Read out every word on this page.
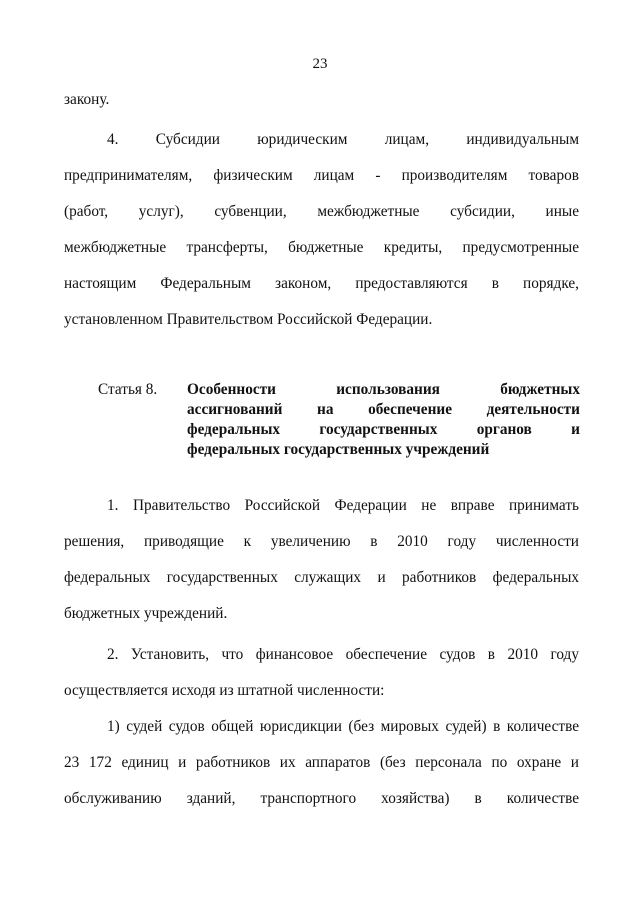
23
закону.
4. Субсидии юридическим лицам, индивидуальным
предпринимателям, физическим лицам - производителям товаров
(работ, услуг), субвенции, межбюджетные субсидии, иные
межбюджетные трансферты, бюджетные кредиты, предусмотренные
настоящим Федеральным законом, предоставляются в порядке,
установленном Правительством Российской Федерации.
Статья 8.	Особенности использования бюджетных
ассигнований на обеспечение деятельности
федеральных государственных органов и
федеральных государственных учреждений
1. Правительство Российской Федерации не вправе принимать
решения, приводящие к увеличению в 2010 году численности
федеральных государственных служащих и работников федеральных
бюджетных учреждений.
2. Установить, что финансовое обеспечение судов в 2010 году
осуществляется исходя из штатной численности:
1) судей судов общей юрисдикции (без мировых судей) в количестве
23 172 единиц и работников их аппаратов (без персонала по охране и
обслуживанию зданий, транспортного хозяйства) в количестве
